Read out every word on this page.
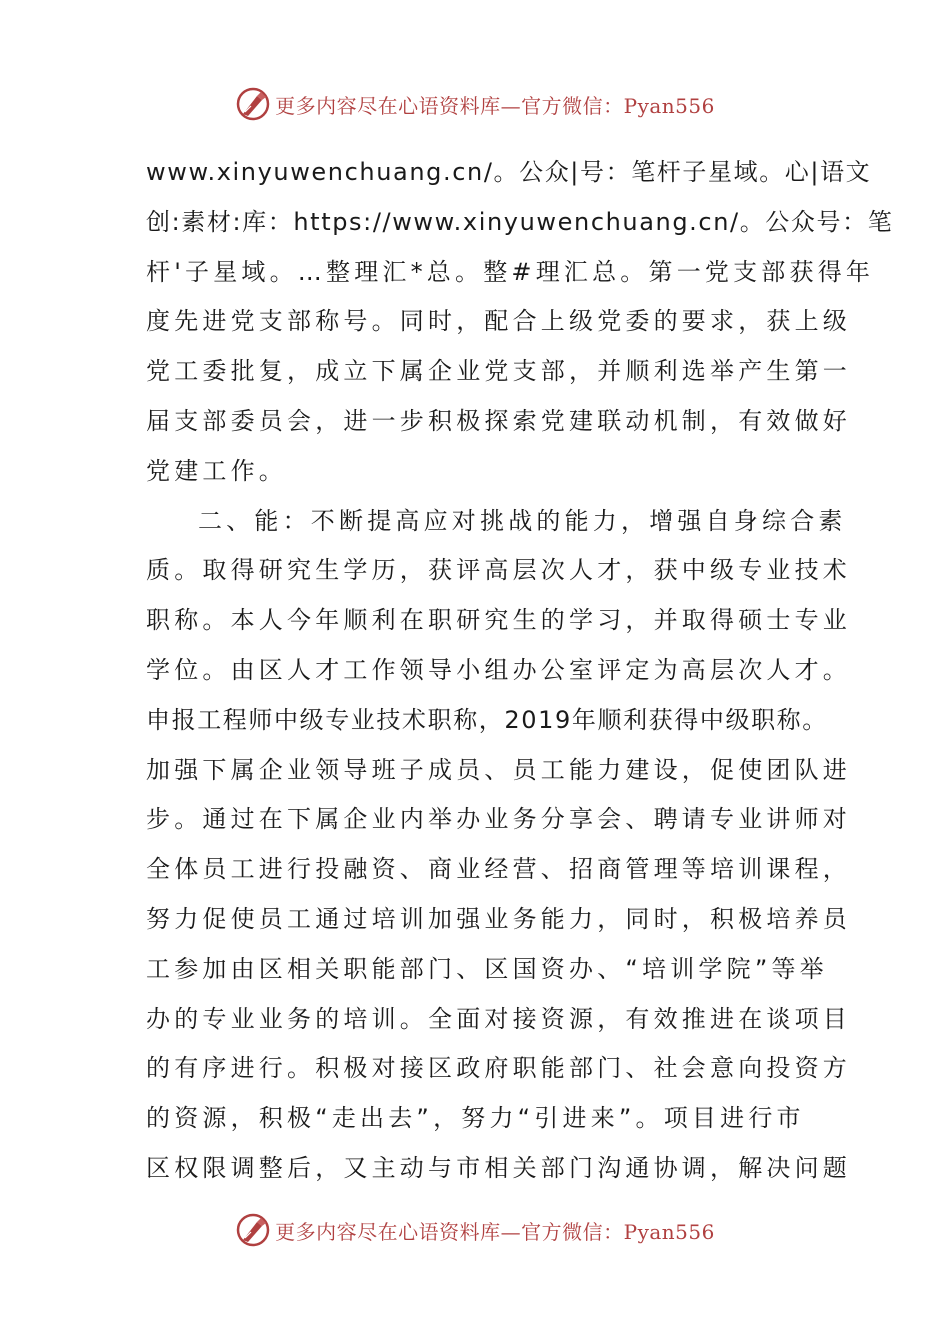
更多内容尽在心语资料库—官方微信：Pyan556
www.xinyuwenchuang.cn/。公众|号：笔杆子星域。心|语文
创:素材:库：https://www.xinyuwenchuang.cn/。公众号：笔
杆'子星域。…整理汇*总。整#理汇总。第一党支部获得年
度先进党支部称号。同时，配合上级党委的要求，获上级
党工委批复，成立下属企业党支部，并顺利选举产生第一
届支部委员会，进一步积极探索党建联动机制，有效做好
党建工作。
二、能：不断提高应对挑战的能力，增强自身综合素
质。取得研究生学历，获评高层次人才，获中级专业技术
职称。本人今年顺利在职研究生的学习，并取得硕士专业
学位。由区人才工作领导小组办公室评定为高层次人才。
申报工程师中级专业技术职称，2019年顺利获得中级职称。
加强下属企业领导班子成员、员工能力建设，促使团队进
步。通过在下属企业内举办业务分享会、聘请专业讲师对
全体员工进行投融资、商业经营、招商管理等培训课程，
努力促使员工通过培训加强业务能力，同时，积极培养员
工参加由区相关职能部门、区国资办、“培训学院”等举
办的专业业务的培训。全面对接资源，有效推进在谈项目
的有序进行。积极对接区政府职能部门、社会意向投资方
的资源，积极“走出去”，努力“引进来”。项目进行市
区权限调整后，又主动与市相关部门沟通协调，解决问题
更多内容尽在心语资料库—官方微信：Pyan556
